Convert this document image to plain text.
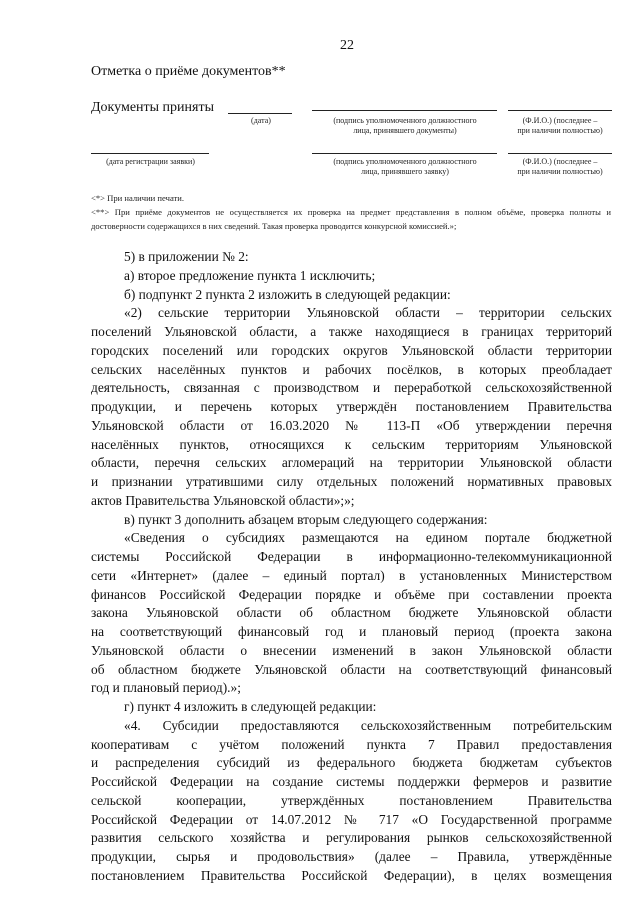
22
Отметка о приёме документов**
Документы приняты
(дата)	(подпись уполномоченного должностного
лица, принявшего документы)
(Ф.И.О.) (последнее –
при наличии полностью)
(дата регистрации заявки)	(подпись уполномоченного должностного
лица, принявшего заявку)
(Ф.И.О.) (последнее –
при наличии полностью)
<*> При наличии печати.
<**> При приёме документов не осуществляется их проверка на предмет представления в полном объёме, проверка полноты и достоверности содержащихся в них сведений. Такая проверка проводится конкурсной комиссией.»;
5) в приложении № 2:
а) второе предложение пункта 1 исключить;
б) подпункт 2 пункта 2 изложить в следующей редакции:
«2) сельские территории Ульяновской области – территории сельских
поселений Ульяновской области, а также находящиеся в границах территорий
городских поселений или городских округов Ульяновской области территории
сельских населённых пунктов и рабочих посёлков, в которых преобладает
деятельность, связанная с производством и переработкой сельскохозяйственной
продукции, и перечень которых утверждён постановлением Правительства
Ульяновской области от 16.03.2020 № 113-П «Об утверждении перечня
населённых пунктов, относящихся к сельским территориям Ульяновской
области, перечня сельских агломераций на территории Ульяновской области
и признании утратившими силу отдельных положений нормативных правовых
актов Правительства Ульяновской области»;»;
в) пункт 3 дополнить абзацем вторым следующего содержания:
«Сведения о субсидиях размещаются на едином портале бюджетной
системы Российской Федерации в информационно-телекоммуникационной
сети «Интернет» (далее – единый портал) в установленных Министерством
финансов Российской Федерации порядке и объёме при составлении проекта
закона Ульяновской области об областном бюджете Ульяновской области
на соответствующий финансовый год и плановый период (проекта закона
Ульяновской области о внесении изменений в закон Ульяновской области
об областном бюджете Ульяновской области на соответствующий финансовый
год и плановый период).»;
г) пункт 4 изложить в следующей редакции:
«4. Субсидии предоставляются сельскохозяйственным потребительским
кооперативам с учётом положений пункта 7 Правил предоставления
и распределения субсидий из федерального бюджета бюджетам субъектов
Российской Федерации на создание системы поддержки фермеров и развитие
сельской кооперации, утверждённых постановлением Правительства
Российской Федерации от 14.07.2012 № 717 «О Государственной программе
развития сельского хозяйства и регулирования рынков сельскохозяйственной
продукции, сырья и продовольствия» (далее – Правила, утверждённые
постановлением Правительства Российской Федерации), в целях возмещения
